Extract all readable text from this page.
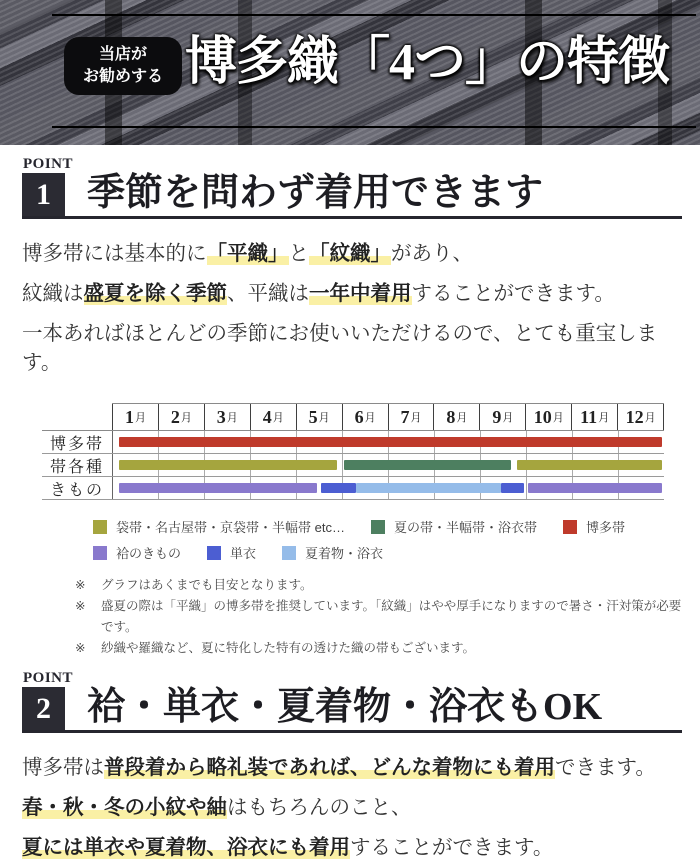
当店が
お勧めする 博多織「4つ」の特徴
POINT
1 季節を問わず着用できます

博多帯には基本的に「平織」と「紋織」があり、

紋織は盛夏を除く季節、平織は一年中着用することができます。

一本あればほとんどの季節にお使いいただけるので、とても重宝します。

1 月 2 月 3 月 4 月 5 月 6 月 7 月 8 月 9 月 10 月 11 月 12 月
博多帯
帯各種
きもの
袋帯・名古屋帯・京袋帯・半幅帯 etc…	夏の帯・半幅帯・浴衣帯	博多帯
袷のきもの	単衣	夏着物・浴衣
※	グラフはあくまでも目安となります。
※	盛夏の際は「平織」の博多帯を推奨しています。「紋織」はやや厚手になりますので暑さ・汗対策が必要です。
※	紗織や羅織など、夏に特化した特有の透けた織の帯もございます。
POINT
2 袷・単衣・夏着物・浴衣もOK

博多帯は普段着から略礼装であれば、どんな着物にも着用できます。

春・秋・冬の小紋や紬はもちろんのこと、

夏には単衣や夏着物、浴衣にも着用することができます。
